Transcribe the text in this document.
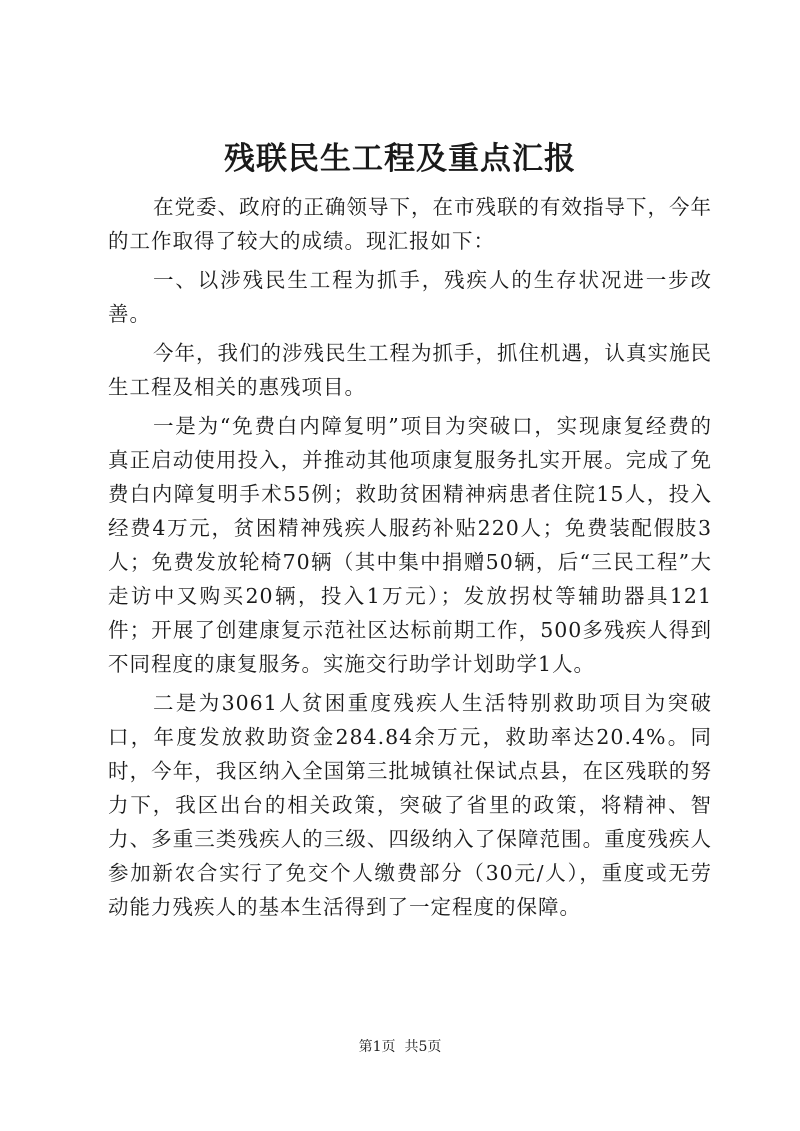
残联民生工程及重点汇报

在党委、政府的正确领导下，在市残联的有效指导下，今年的工作取得了较大的成绩。现汇报如下：

一、以涉残民生工程为抓手，残疾人的生存状况进一步改善。

今年，我们的涉残民生工程为抓手，抓住机遇，认真实施民生工程及相关的惠残项目。

一是为“免费白内障复明”项目为突破口，实现康复经费的真正启动使用投入，并推动其他项康复服务扎实开展。完成了免费白内障复明手术55例；救助贫困精神病患者住院15人，投入经费4万元，贫困精神残疾人服药补贴220人；免费装配假肢3人；免费发放轮椅70辆（其中集中捐赠50辆，后“三民工程”大走访中又购买20辆，投入1万元）；发放拐杖等辅助器具121件；开展了创建康复示范社区达标前期工作，500多残疾人得到不同程度的康复服务。实施交行助学计划助学1人。

二是为3061人贫困重度残疾人生活特别救助项目为突破口，年度发放救助资金284.84余万元，救助率达20.4%。同时，今年，我区纳入全国第三批城镇社保试点县，在区残联的努力下，我区出台的相关政策，突破了省里的政策，将精神、智力、多重三类残疾人的三级、四级纳入了保障范围。重度残疾人参加新农合实行了免交个人缴费部分（30元/人），重度或无劳动能力残疾人的基本生活得到了一定程度的保障。

第1页  共5页
